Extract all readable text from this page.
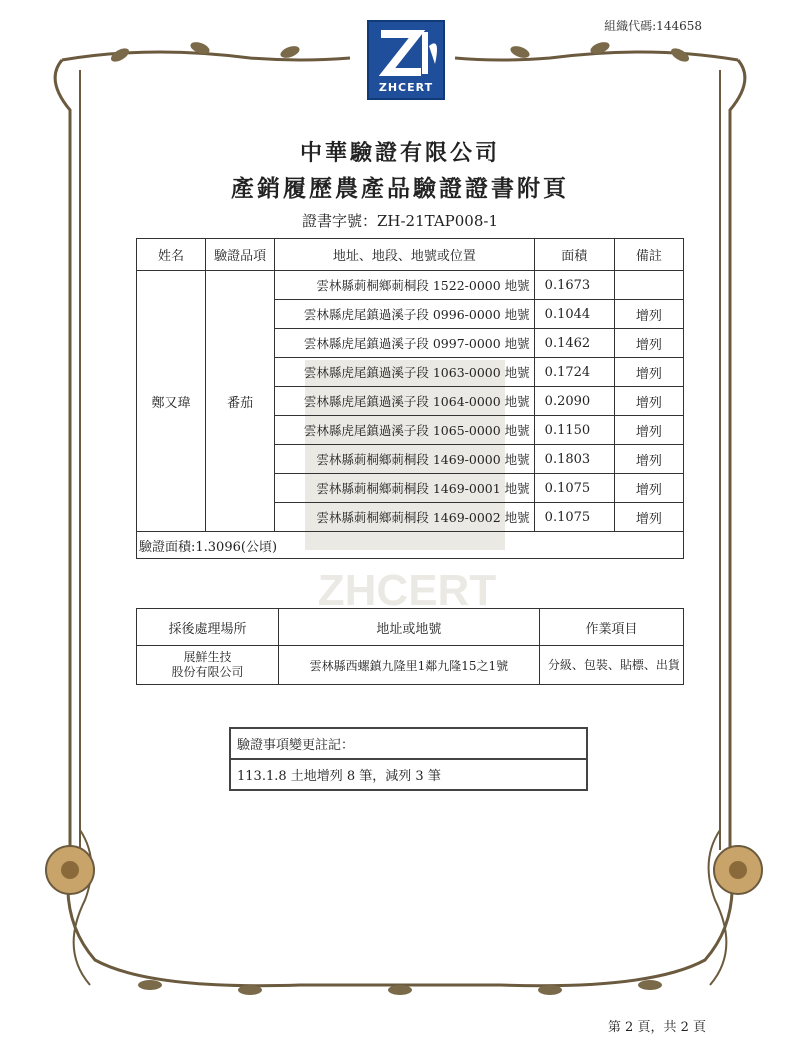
組織代碼:144658
ZHCERT
ZHCERT
中華驗證有限公司
產銷履歷農產品驗證證書附頁
證書字號：ZH-21TAP008-1
姓名	驗證品項	地址、地段、地號或位置	面積	備註
鄭又瑋	番茄	雲林縣莿桐鄉莿桐段 1522-0000 地號	0.1673	
		雲林縣虎尾鎮過溪子段 0996-0000 地號	0.1044	增列
		雲林縣虎尾鎮過溪子段 0997-0000 地號	0.1462	增列
		雲林縣虎尾鎮過溪子段 1063-0000 地號	0.1724	增列
		雲林縣虎尾鎮過溪子段 1064-0000 地號	0.2090	增列
		雲林縣虎尾鎮過溪子段 1065-0000 地號	0.1150	增列
		雲林縣莿桐鄉莿桐段 1469-0000 地號	0.1803	增列
		雲林縣莿桐鄉莿桐段 1469-0001 地號	0.1075	增列
		雲林縣莿桐鄉莿桐段 1469-0002 地號	0.1075	增列
驗證面積:1.3096(公頃)				
採後處理場所	地址或地號	作業項目

展鮮生技
股份有限公司	雲林縣西螺鎮九隆里1鄰九隆15之1號	分級、包裝、貼標、出貨
驗證事項變更註記：
113.1.8 土地增列 8 筆，減列 3 筆
第 2 頁，共 2 頁
